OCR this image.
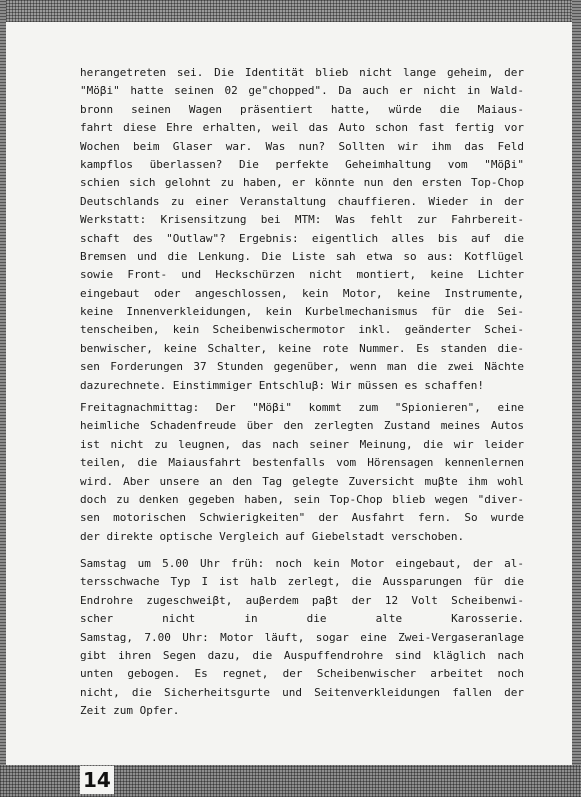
herangetreten sei. Die Identität blieb nicht lange geheim, der
"Möβi" hatte seinen 02 ge"chopped". Da auch er nicht in Wald-
bronn seinen Wagen präsentiert hatte, würde die Maiaus-
fahrt diese Ehre erhalten, weil das Auto schon fast fertig vor
Wochen beim Glaser war. Was nun? Sollten wir ihm das Feld
kampflos überlassen? Die perfekte Geheimhaltung vom "Möβi"
schien sich gelohnt zu haben, er könnte nun den ersten Top-Chop
Deutschlands zu einer Veranstaltung chauffieren. Wieder in der
Werkstatt: Krisensitzung bei MTM: Was fehlt zur Fahrbereit-
schaft des "Outlaw"? Ergebnis: eigentlich alles bis auf die
Bremsen und die Lenkung. Die Liste sah etwa so aus: Kotflügel
sowie Front- und Heckschürzen nicht montiert, keine Lichter
eingebaut oder angeschlossen, kein Motor, keine Instrumente,
keine Innenverkleidungen, kein Kurbelmechanismus für die Sei-
tenscheiben, kein Scheibenwischermotor inkl. geänderter Schei-
benwischer, keine Schalter, keine rote Nummer. Es standen die-
sen Forderungen 37 Stunden gegenüber, wenn man die zwei Nächte
dazurechnete. Einstimmiger Entschluβ: Wir müssen es schaffen!
Freitagnachmittag: Der "Möβi" kommt zum "Spionieren", eine
heimliche Schadenfreude über den zerlegten Zustand meines Autos
ist nicht zu leugnen, das nach seiner Meinung, die wir leider
teilen, die Maiausfahrt bestenfalls vom Hörensagen kennenlernen
wird. Aber unsere an den Tag gelegte Zuversicht muβte ihm wohl
doch zu denken gegeben haben, sein Top-Chop blieb wegen "diver-
sen motorischen Schwierigkeiten" der Ausfahrt fern. So wurde
der direkte optische Vergleich auf Giebelstadt verschoben.
Samstag um 5.00 Uhr früh: noch kein Motor eingebaut, der al-
tersschwache Typ I ist halb zerlegt, die Aussparungen für die
Endrohre zugeschweiβt, auβerdem paβt der 12 Volt Scheibenwi-
scher nicht in die alte Karosserie.
Samstag, 7.00 Uhr: Motor läuft, sogar eine Zwei-Vergaseranlage
gibt ihren Segen dazu, die Auspuffendrohre sind kläglich nach
unten gebogen. Es regnet, der Scheibenwischer arbeitet noch
nicht, die Sicherheitsgurte und Seitenverkleidungen fallen der
Zeit zum Opfer.
14
